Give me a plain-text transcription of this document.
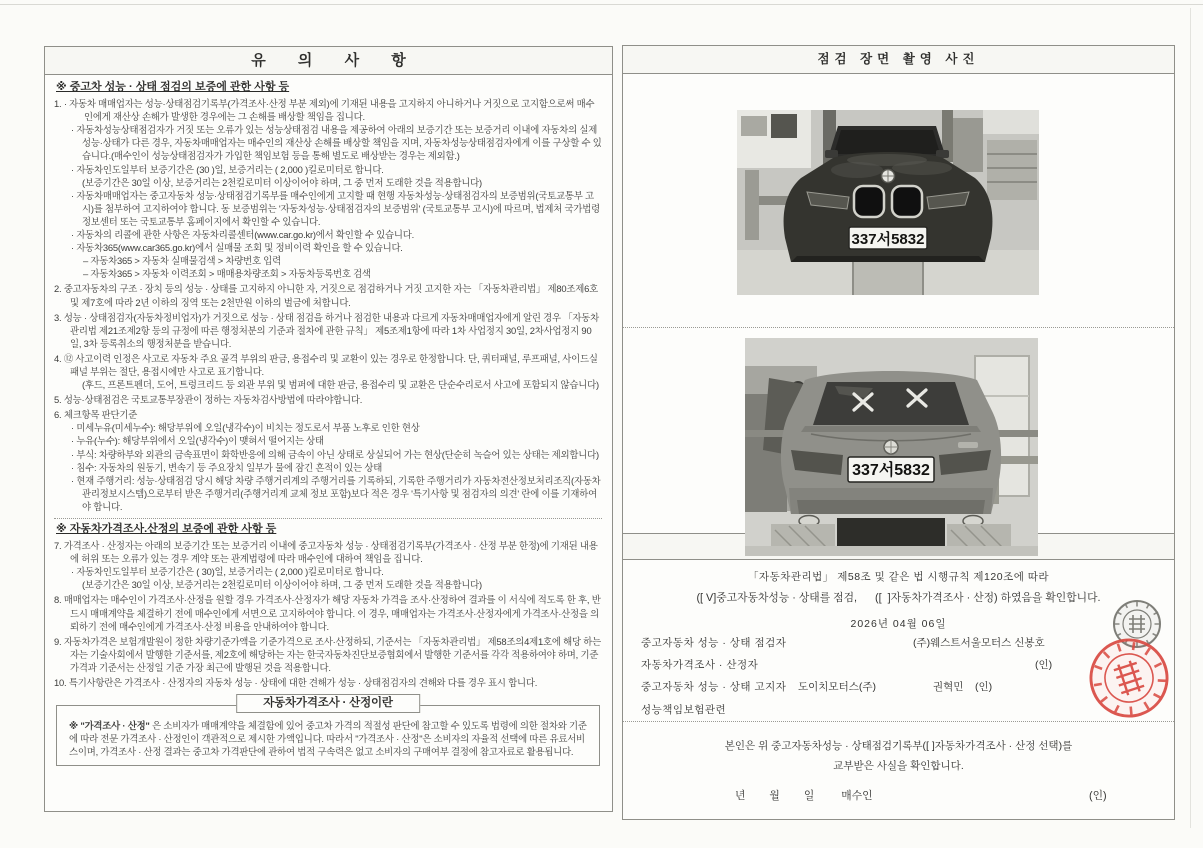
유 의 사 항
※ 중고차 성능 · 상태 점검의 보증에 관한 사항 등
1. · 자동차 매매업자는 성능·상태점검기록부(가격조사·산정 부분 제외)에 기재된 내용을 고지하지 아니하거나 거짓으로 고지함으로써 매수인에게 재산상 손해가 발생한 경우에는 그 손해를 배상할 책임을 집니다.
· 자동차성능상태점검자가 거짓 또는 오류가 있는 성능상태점검 내용을 제공하여 아래의 보증기간 또는 보증거리 이내에 자동차의 실제 성능·상태가 다른 경우, 자동차매매업자는 매수인의 재산상 손해를 배상할 책임을 지며, 자동차성능상태점검자에게 이를 구상할 수 있습니다.(매수인이 성능상태점검자가 가입한 책임보험 등을 통해 별도로 배상받는 경우는 제외함.)
· 자동차인도일부터 보증기간은 (30 )일, 보증거리는 ( 2,000 )킬로미터로 합니다.
(보증기간은 30일 이상, 보증거리는 2천킬로미터 이상이어야 하며, 그 중 먼저 도래한 것을 적용합니다)
· 자동차매매업자는 중고자동차 성능·상태점검기록부를 매수인에게 고지할 때 현행 자동차성능·상태점검자의 보증범위(국토교통부 고시)를 첨부하여 고지하여야 합니다. 동 보증범위는 '자동차성능·상태점검자의 보증범위' (국토교통부 고시)에 따르며, 법제처 국가법령정보센터 또는 국토교통부 홈페이지에서 확인할 수 있습니다.
· 자동차의 리콜에 관한 사항은 자동차리콜센터(www.car.go.kr)에서 확인할 수 있습니다.
· 자동차365(www.car365.go.kr)에서 실매물 조회 및 정비이력 확인을 할 수 있습니다.
– 자동차365 > 자동차 실매물검색 > 차량번호 입력
– 자동차365 > 자동차 이력조회 > 매매용차량조회 > 자동차등록번호 검색
2. 중고자동차의 구조 · 장치 등의 성능 · 상태를 고지하지 아니한 자, 거짓으로 점검하거나 거짓 고지한 자는 「자동차관리법」 제80조제6호 및 제7호에 따라 2년 이하의 징역 또는 2천만원 이하의 벌금에 처합니다.
3. 성능 · 상태점검자(자동차정비업자)가 거짓으로 성능 · 상태 점검을 하거나 점검한 내용과 다르게 자동차매매업자에게 알린 경우 「자동차관리법 제21조제2항 등의 규정에 따른 행정처분의 기준과 절차에 관한 규칙」 제5조제1항에 따라 1차 사업정지 30일, 2차사업정지 90일, 3차 등록취소의 행정처분을 받습니다.
4. ⑫ 사고이력 인정은 사고로 자동차 주요 골격 부위의 판금, 용접수리 및 교환이 있는 경우로 한정합니다. 단, 쿼터패널, 루프패널, 사이드실패널 부위는 절단, 용접시에만 사고로 표기합니다.
(후드, 프론트펜더, 도어, 트렁크리드 등 외관 부위 및 범퍼에 대한 판금, 용접수리 및 교환은 단순수리로서 사고에 포함되지 않습니다)
5. 성능·상태점검은 국토교통부장관이 정하는 자동차검사방법에 따라야합니다.
6. 체크항목 판단기준
· 미세누유(미세누수): 해당부위에 오일(냉각수)이 비치는 정도로서 부품 노후로 인한 현상
· 누유(누수): 해당부위에서 오일(냉각수)이 맺혀서 떨어지는 상태
· 부식: 차량하부와 외관의 금속표면이 화학반응에 의해 금속이 아닌 상태로 상실되어 가는 현상(단순히 녹슬어 있는 상태는 제외합니다)
· 침수: 자동차의 원동기, 변속기 등 주요장치 일부가 물에 잠긴 흔적이 있는 상태
· 현재 주행거리: 성능·상태점검 당시 해당 차량 주행거리계의 주행거리를 기록하되, 기록한 주행거리가 자동차전산정보처리조직(자동차관리정보시스템)으로부터 받은 주행거리(주행거리계 교체 정보 포함)보다 적은 경우 '특기사항 및 점검자의 의견' 란에 이를 기재하여야 합니다.
※ 자동차가격조사.산정의 보증에 관한 사항 등
7. 가격조사 · 산정자는 아래의 보증기간 또는 보증거리 이내에 중고자동차 성능 · 상태점검기록부(가격조사 · 산정 부분 한정)에 기재된 내용에 허위 또는 오류가 있는 경우 계약 또는 관계법령에 따라 매수인에 대하여 책임을 집니다.
· 자동차인도일부터 보증기간은 ( 30)일, 보증거리는 ( 2,000 )킬로미터로 합니다.
(보증기간은 30일 이상, 보증거리는 2천킬로미터 이상이어야 하며, 그 중 먼저 도래한 것을 적용합니다)
8. 매매업자는 매수인이 가격조사·산정을 원할 경우 가격조사·산정자가 해당 자동차 가격을 조사·산정하여 결과를 이 서식에 적도록 한 후, 반드시 매매계약을 체결하기 전에 매수인에게 서면으로 고지하여야 합니다. 이 경우, 매매업자는 가격조사·산정자에게 가격조사·산정을 의뢰하기 전에 매수인에게 가격조사·산정 비용을 안내하여야 합니다.
9. 자동차가격은 보험개발원이 정한 차량기준가액을 기준가격으로 조사·산정하되, 기준서는 「자동차관리법」 제58조의4제1호에 해당 하는 자는 기술사회에서 발행한 기준서를, 제2호에 해당하는 자는 한국자동차진단보증협회에서 발행한 기준서를 각각 적용하여야 하며, 기준가격과 기준서는 산정일 기준 가장 최근에 발행된 것을 적용합니다.
10. 특기사항란은 가격조사 · 산정자의 자동차 성능 · 상태에 대한 견해가 성능 · 상태점검자의 견해와 다를 경우 표시 합니다.
자동차가격조사 · 산정이란
※ "가격조사 · 산정" 은 소비자가 매매계약을 체결함에 있어 중고차 가격의 적절성 판단에 참고할 수 있도록 법령에 의한 절차와 기준에 따라 전문 가격조사 · 산정인이 객관적으로 제시한 가액입니다. 따라서 "가격조사 · 산정"은 소비자의 자율적 선택에 따른 유료서비스이며, 가격조사 · 산정 결과는 중고차 가격판단에 관하여 법적 구속력은 없고 소비자의 구매여부 결정에 참고자료로 활용됩니다.
점검 장면 촬영 사진
337서5832
337서5832
「자동차관리법」 제58조 및 같은 법 시행규칙 제120조에 따라
([ V]중고자동차성능 · 상태를 점검,      ([  ]자동차가격조사 · 산정) 하였음을 확인합니다.
2026년 04월 06일
중고자동차 성능 · 상태 점검자	(주)웨스트서울모터스 신봉호
자동차가격조사 · 산정자	(인)
중고자동차 성능 · 상태 고지자 도이치모터스(주)	권혁민 (인)
성능책임보험관련
본인은 위 중고자동차성능 · 상태점검기록부([ ]자동차가격조사 · 산정 선택)를
교부받은 사실을 확인합니다.
년        월        일         매수인	(인)
